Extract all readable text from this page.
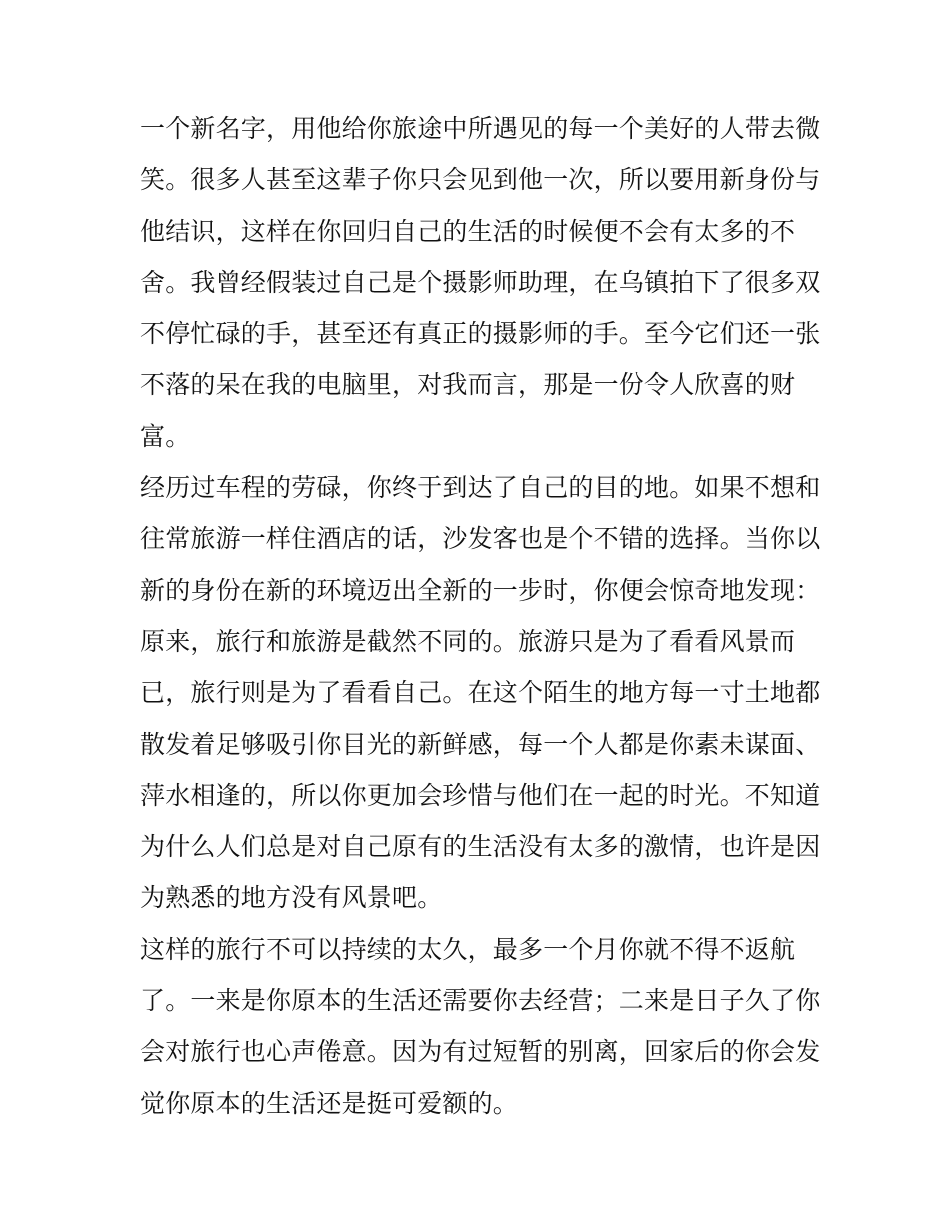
一个新名字，用他给你旅途中所遇见的每一个美好的人带去微
笑。很多人甚至这辈子你只会见到他一次，所以要用新身份与
他结识，这样在你回归自己的生活的时候便不会有太多的不
舍。我曾经假装过自己是个摄影师助理，在乌镇拍下了很多双
不停忙碌的手，甚至还有真正的摄影师的手。至今它们还一张
不落的呆在我的电脑里，对我而言，那是一份令人欣喜的财
富。
经历过车程的劳碌，你终于到达了自己的目的地。如果不想和
往常旅游一样住酒店的话，沙发客也是个不错的选择。当你以
新的身份在新的环境迈出全新的一步时，你便会惊奇地发现：
原来，旅行和旅游是截然不同的。旅游只是为了看看风景而
已，旅行则是为了看看自己。在这个陌生的地方每一寸土地都
散发着足够吸引你目光的新鲜感，每一个人都是你素未谋面、
萍水相逢的，所以你更加会珍惜与他们在一起的时光。不知道
为什么人们总是对自己原有的生活没有太多的激情，也许是因
为熟悉的地方没有风景吧。
这样的旅行不可以持续的太久，最多一个月你就不得不返航
了。一来是你原本的生活还需要你去经营；二来是日子久了你
会对旅行也心声倦意。因为有过短暂的别离，回家后的你会发
觉你原本的生活还是挺可爱额的。
